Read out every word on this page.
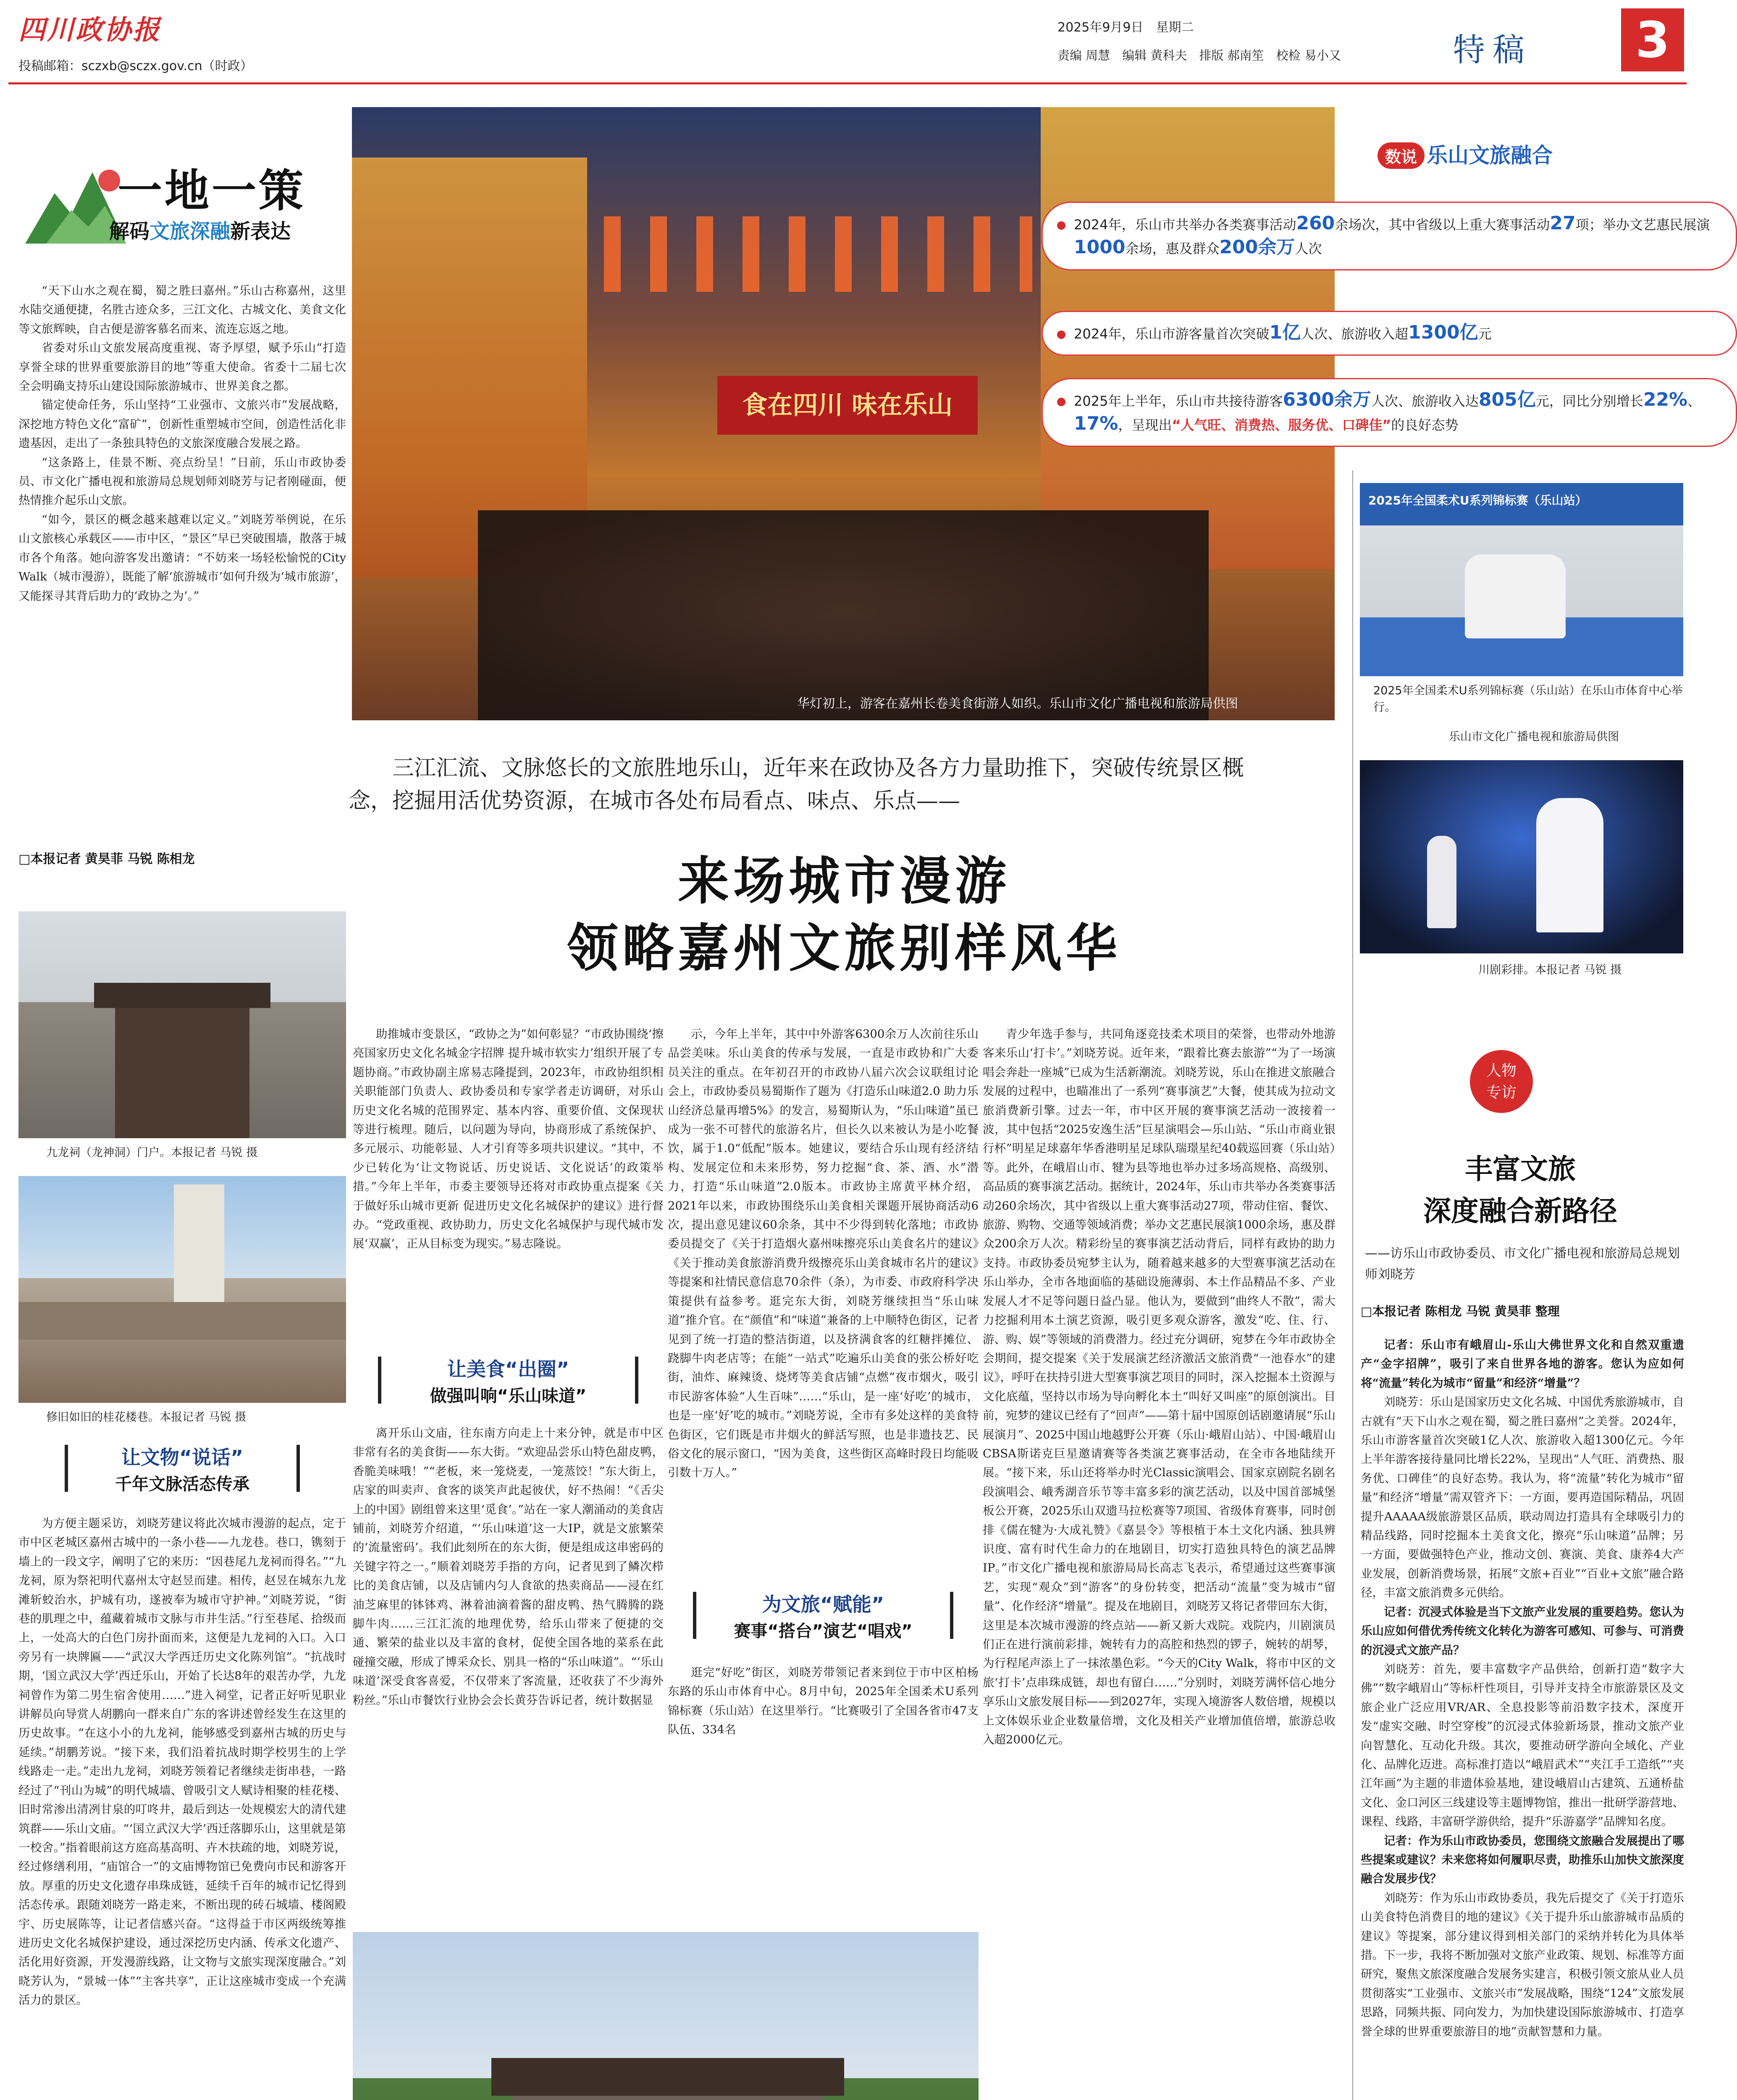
四川政协报
投稿邮箱：sczxb@sczx.gov.cn（时政）
2025年9月9日　星期二
责编 周慧　编辑 黄科夫　排版 郝南笙　校检 易小又	特稿 3
一地一策
解码文旅深融新表达

“天下山水之观在蜀，蜀之胜曰嘉州。”乐山古称嘉州，这里水陆交通便捷，名胜古迹众多，三江文化、古城文化、美食文化等文旅辉映，自古便是游客慕名而来、流连忘返之地。

省委对乐山文旅发展高度重视、寄予厚望，赋予乐山“打造享誉全球的世界重要旅游目的地”等重大使命。省委十二届七次全会明确支持乐山建设国际旅游城市、世界美食之都。

锚定使命任务，乐山坚持“工业强市、文旅兴市”发展战略，深挖地方特色文化“富矿”，创新性重塑城市空间，创造性活化非遗基因，走出了一条独具特色的文旅深度融合发展之路。

“这条路上，佳景不断、亮点纷呈！”日前，乐山市政协委员、市文化广播电视和旅游局总规划师刘晓芳与记者刚碰面，便热情推介起乐山文旅。

“如今，景区的概念越来越难以定义。”刘晓芳举例说，在乐山文旅核心承载区——市中区，“景区”早已突破围墙，散落于城市各个角落。她向游客发出邀请：“不妨来一场轻松愉悦的City Walk（城市漫游），既能了解‘旅游城市’如何升级为‘城市旅游’，又能探寻其背后助力的‘政协之为’。”

□本报记者 黄昊菲 马锐 陈相龙
食在四川 味在乐山
华灯初上，游客在嘉州长卷美食街游人如织。乐山市文化广播电视和旅游局供图
数说 乐山文旅融合
2024年，乐山市共举办各类赛事活动260余场次，其中省级以上重大赛事活动27项；举办文艺惠民展演1000余场，惠及群众200余万人次
2024年，乐山市游客量首次突破1亿人次、旅游收入超1300亿元
2025年上半年，乐山市共接待游客6300余万人次、旅游收入达805亿元，同比分别增长22%、17%，呈现出“人气旺、消费热、服务优、口碑佳”的良好态势
2025年全国柔术U系列锦标赛（乐山站）
2025年全国柔术U系列锦标赛（乐山站）在乐山市体育中心举行。
乐山市文化广播电视和旅游局供图
川剧彩排。本报记者 马锐 摄
三江汇流、文脉悠长的文旅胜地乐山，近年来在政协及各方力量助推下，突破传统景区概念，挖掘用活优势资源，在城市各处布局看点、味点、乐点——
来场城市漫游
领略嘉州文旅别样风华
九龙祠（龙神洞）门户。本报记者 马锐 摄
修旧如旧的桂花楼巷。本报记者 马锐 摄
让文物“说话”
千年文脉活态传承

为方便主题采访，刘晓芳建议将此次城市漫游的起点，定于市中区老城区嘉州古城中的一条小巷——九龙巷。巷口，镌刻于墙上的一段文字，阐明了它的来历：“因巷尾九龙祠而得名。”“九龙祠，原为祭祀明代嘉州太守赵昱而建。相传，赵昱在城东九龙滩斩蛟治水，护城有功，遂被奉为城市守护神。”刘晓芳说，“街巷的肌理之中，蕴藏着城市文脉与市井生活。”行至巷尾、拾级而上，一处高大的白色门房扑面而来，这便是九龙祠的入口。入口旁另有一块牌匾——“武汉大学西迁历史文化陈列馆”。“抗战时期，‘国立武汉大学’西迁乐山，开始了长达8年的艰苦办学，九龙祠曾作为第二男生宿舍使用……”进入祠堂，记者正好听见职业讲解员向导赏人胡鹏向一群来自广东的客讲述曾经发生在这里的历史故事。“在这小小的九龙祠，能够感受到嘉州古城的历史与延续。”胡鹏芳说。“接下来，我们沿着抗战时期学校男生的上学线路走一走。”走出九龙祠，刘晓芳领着记者继续走街串巷，一路经过了“刊山为城”的明代城墙、曾吸引文人赋诗相聚的桂花楼、旧时常渗出清冽甘泉的叮咚井，最后到达一处规模宏大的清代建筑群——乐山文庙。“‘国立武汉大学’西迁落脚乐山，这里就是第一校舍。”指着眼前这方庭高基高明、卉木扶疏的地，刘晓芳说，经过修缮利用，“庙馆合一”的文庙博物馆已免费向市民和游客开放。厚重的历史文化遗存串珠成链，延续千百年的城市记忆得到活态传承。跟随刘晓芳一路走来，不断出现的砖石城墙、楼阁殿宇、历史展陈等，让记者信感兴奋。“这得益于市区两级统筹推进历史文化名城保护建设，通过深挖历史内涵、传承文化遗产、活化用好资源，开发漫游线路，让文物与文旅实现深度融合。”刘晓芳认为，“景城一体”“主客共享”，正让这座城市变成一个充满活力的景区。

助推城市变景区，“政协之为”如何彰显？“市政协围绕‘擦亮国家历史文化名城金字招牌 提升城市软实力’组织开展了专题协商。”市政协副主席易志隆提到，2023年，市政协组织相关职能部门负责人、政协委员和专家学者走访调研，对乐山历史文化名城的范围界定、基本内容、重要价值、文保现状等进行梳理。随后，以问题为导向，协商形成了系统保护、多元展示、功能彰显、人才引育等多项共识建议。“其中，不少已转化为‘让文物说话、历史说话、文化说话’的政策举措。”今年上半年，市委主要领导还将对市政协重点提案《关于做好乐山城市更新 促进历史文化名城保护的建议》进行督办。“党政重视、政协助力，历史文化名城保护与现代城市发展‘双赢’，正从目标变为现实。”易志隆说。

让美食“出圈”
做强叫响“乐山味道”

离开乐山文庙，往东南方向走上十来分钟，就是市中区非常有名的美食街——东大街。“欢迎品尝乐山特色甜皮鸭，香脆美味哦！”“老板，来一笼烧麦，一笼蒸饺！”东大街上，店家的叫卖声、食客的谈笑声此起彼伏，好不热闹！“《舌尖上的中国》剧组曾来这里‘觅食’。”站在一家人潮涌动的美食店铺前，刘晓芳介绍道，“‘乐山味道’这一大IP，就是文旅繁荣的‘流量密码’。我们此刻所在的东大街，便是组成这串密码的关键字符之一。”顺着刘晓芳手指的方向，记者见到了鳞次栉比的美食店铺，以及店铺内匀人食欲的热卖商品——浸在红油芝麻里的钵钵鸡、淋着油滴着酱的甜皮鸭、热气腾腾的跷脚牛肉……三江汇流的地理优势，给乐山带来了便捷的交通、繁荣的盐业以及丰富的食材，促使全国各地的菜系在此碰撞交融，形成了博采众长、别具一格的“乐山味道”。“‘乐山味道’深受食客喜爱，不仅带来了客流量，还收获了不少海外粉丝。”乐山市餐饮行业协会会长黄芬告诉记者，统计数据显

示，今年上半年，其中中外游客6300余万人次前往乐山品尝美味。乐山美食的传承与发展，一直是市政协和广大委员关注的重点。在年初召开的市政协八届六次会议联组讨论会上，市政协委员易蜀斯作了题为《打造乐山味道2.0 助力乐山经济总量再增5%》的发言，易蜀斯认为，“乐山味道”虽已成为一张不可替代的旅游名片，但长久以来被认为是小吃餐饮，属于1.0“低配”版本。她建议，要结合乐山现有经济结构、发展定位和未来形势，努力挖掘“食、茶、酒、水”潜力，打造“乐山味道”2.0版本。市政协主席黄平林介绍，2021年以来，市政协围绕乐山美食相关课题开展协商活动6次，提出意见建议60余条，其中不少得到转化落地；市政协委员提交了《关于打造烟火嘉州味擦亮乐山美食名片的建议》《关于推动美食旅游消费升级擦亮乐山美食城市名片的建议》等提案和社情民意信息70余件（条），为市委、市政府科学决策提供有益参考。逛完东大街，刘晓芳继续担当“乐山味道”推介官。在“颜值”和“味道”兼备的上中顺特色街区，记者见到了统一打造的整洁街道，以及挤满食客的红糖拌摊位、跷脚牛肉老店等；在能“一站式”吃遍乐山美食的张公桥好吃街，油炸、麻辣烫、烧烤等美食店铺“点燃”夜市烟火，吸引市民游客体验“人生百味”……“乐山，是一座‘好吃’的城市，也是一座‘好’吃的城市。”刘晓芳说，全市有多处这样的美食特色街区，它们既是市井烟火的鲜活写照，也是非遗技艺、民俗文化的展示窗口，“因为美食，这些街区高峰时段日均能吸引数十万人。”

为文旅“赋能”
赛事“搭台”演艺“唱戏”

逛完“好吃”街区，刘晓芳带领记者来到位于市中区柏杨东路的乐山市体育中心。8月中旬，2025年全国柔术U系列锦标赛（乐山站）在这里举行。“比赛吸引了全国各省市47支队伍、334名

青少年选手参与，共同角逐竞技柔术项目的荣誉，也带动外地游客来乐山‘打卡’。”刘晓芳说。近年来，“跟着比赛去旅游”“为了一场演唱会奔赴一座城”已成为生活新潮流。刘晓芳说，乐山在推进文旅融合发展的过程中，也瞄准出了一系列“赛事演艺”大餐，使其成为拉动文旅消费新引擎。过去一年，市中区开展的赛事演艺活动一波接着一波，其中包括“2025安逸生活”巨星演唱会—乐山站、“乐山市商业银行杯”明星足球嘉年华香港明星足球队瑞璟星纪40载巡回赛（乐山站）等。此外，在峨眉山市、犍为县等地也举办过多场高规格、高级别、高品质的赛事演艺活动。据统计，2024年，乐山市共举办各类赛事活动260余场次，其中省级以上重大赛事活动27项，带动住宿、餐饮、旅游、购物、交通等领域消费；举办文艺惠民展演1000余场，惠及群众200余万人次。精彩纷呈的赛事演艺活动背后，同样有政协的助力支持。市政协委员宛梦主认为，随着越来越多的大型赛事演艺活动在乐山举办，全市各地面临的基础设施薄弱、本土作品精品不多、产业发展人才不足等问题日益凸显。他认为，要做到“曲终人不散”，需大力挖掘利用本土演艺资源，吸引更多观众游客，激发“吃、住、行、游、购、娱”等领域的消费潜力。经过充分调研，宛梦在今年市政协全会期间，提交提案《关于发展演艺经济激活文旅消费“一池春水”的建议》，呼吁在扶持引进大型赛事演艺项目的同时，深入挖掘本土资源与文化底蕴，坚持以市场为导向孵化本土“叫好又叫座”的原创演出。目前，宛梦的建议已经有了“回声”——第十届中国原创话剧邀请展“乐山展演月”、2025中国山地越野公开赛（乐山·峨眉山站）、中国·峨眉山CBSA斯诺克巨星邀请赛等各类演艺赛事活动，在全市各地陆续开展。“接下来，乐山还将举办时光Classic演唱会、国家京剧院名剧名段演唱会、峨秀湖音乐节等丰富多彩的演艺活动，以及中国首部城堡板公开赛，2025乐山双遗马拉松赛等7项国、省级体育赛事，同时创排《儒在犍为·大成礼赞》《嘉昙令》等根植于本土文化内涵、独具辨识度、富有时代生命力的在地剧目，切实打造独具特色的演艺品牌IP。”市文化广播电视和旅游局局长高志飞表示，希望通过这些赛事演艺，实现“观众”到“游客”的身份转变，把活动“流量”变为城市“留量”、化作经济“增量”。提及在地剧目，刘晓芳又将记者带回东大街，这里是本次城市漫游的终点站——新又新大戏院。戏院内，川剧演员们正在进行演前彩排，婉转有力的高腔和热烈的锣子，婉转的胡琴，为行程尾声添上了一抹浓墨色彩。“今天的City Walk，将市中区的文旅‘打卡’点串珠成链，却也有留白……”分别时，刘晓芳满怀信心地分享乐山文旅发展目标——到2027年，实现入境游客人数倍增，规模以上文体娱乐业企业数量倍增，文化及相关产业增加值倍增，旅游总收入超2000亿元。

人物
专访
丰富文旅
深度融合新路径
——访乐山市政协委员、市文化广播电视和旅游局总规划师刘晓芳
□本报记者 陈相龙 马锐 黄昊菲 整理

记者：乐山市有峨眉山-乐山大佛世界文化和自然双重遗产“金字招牌”，吸引了来自世界各地的游客。您认为应如何将“流量”转化为城市“留量”和经济“增量”？

刘晓芳：乐山是国家历史文化名城、中国优秀旅游城市，自古就有“天下山水之观在蜀，蜀之胜曰嘉州”之美誉。2024年，乐山市游客量首次突破1亿人次、旅游收入超1300亿元。今年上半年游客接待量同比增长22%，呈现出“人气旺、消费热、服务优、口碑佳”的良好态势。我认为，将“流量”转化为城市“留量”和经济“增量”需双管齐下：一方面，要再造国际精品，巩固提升AAAAA级旅游景区品质，联动周边打造具有全球吸引力的精品线路，同时挖掘本土美食文化，擦亮“乐山味道”品牌；另一方面，要做强特色产业，推动文创、赛演、美食、康养4大产业发展，创新消费场景，拓展“文旅+百业”“百业+文旅”融合路径，丰富文旅消费多元供给。

记者：沉浸式体验是当下文旅产业发展的重要趋势。您认为乐山应如何借优秀传统文化转化为游客可感知、可参与、可消费的沉浸式文旅产品？

刘晓芳：首先，要丰富数字产品供给，创新打造“数字大佛”“数字峨眉山”等标杆性项目，引导并支持全市旅游景区及文旅企业广泛应用VR/AR、全息投影等前沿数字技术，深度开发“虚实交融、时空穿梭”的沉浸式体验新场景，推动文旅产业向智慧化、互动化升级。其次，要推动研学游向全域化、产业化、品牌化迈进。高标准打造以“峨眉武术”“夹江手工造纸”“夹江年画”为主题的非遗体验基地，建设峨眉山古建筑、五通桥盐文化、金口河区三线建设等主题博物馆，推出一批研学游营地、课程、线路，丰富研学游供给，提升“乐游嘉学”品牌知名度。

记者：作为乐山市政协委员，您围绕文旅融合发展提出了哪些提案或建议？未来您将如何履职尽责，助推乐山加快文旅深度融合发展步伐？

刘晓芳：作为乐山市政协委员，我先后提交了《关于打造乐山美食特色消费目的地的建议》《关于提升乐山旅游城市品质的建议》等提案，部分建议得到相关部门的采纳并转化为具体举措。下一步，我将不断加强对文旅产业政策、规划、标准等方面研究，聚焦文旅深度融合发展务实建言，积极引领文旅从业人员贯彻落实“工业强市、文旅兴市”发展战略，围绕“124”文旅发展思路，同频共振、同向发力，为加快建设国际旅游城市、打造享誉全球的世界重要旅游目的地”贡献智慧和力量。
